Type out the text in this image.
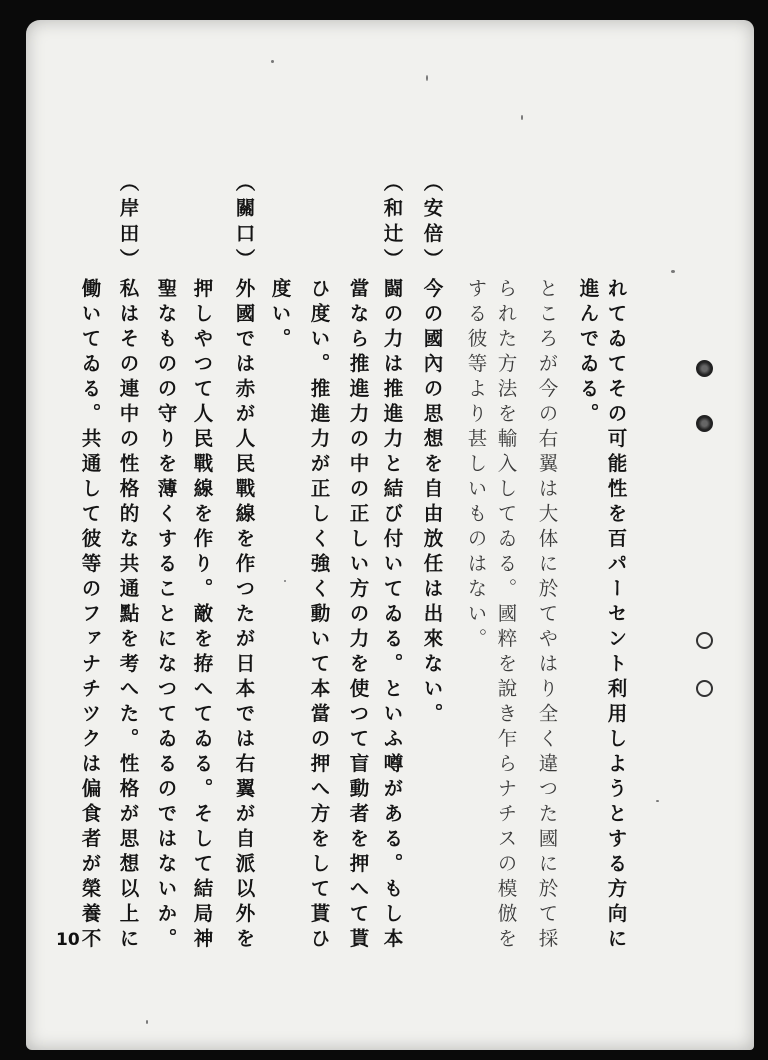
れてゐてその可能性を百パーセント利用しようとする方向に
進んでゐる。
ところが今の右翼は大体に於てやはり全く違つた國に於て採
られた方法を輸入してゐる。國粹を說き乍らナチスの模倣を
する彼等より甚しいものはない。
（安倍）
今の國內の思想を自由放任は出來ない。
（和辻）
闘の力は推進力と結び付いてゐる。といふ噂がある。もし本
當なら推進力の中の正しい方の力を使つて盲動者を押へて貰
ひ度い。推進力が正しく強く動いて本當の押へ方をして貰ひ
度い。
（關口）
外國では赤が人民戰線を作つたが日本では右翼が自派以外を
押しやつて人民戰線を作り。敵を拵へてゐる。そして結局神
聖なものの守りを薄くすることになつてゐるのではないか。
（岸田）
私はその連中の性格的な共通點を考へた。性格が思想以上に
働いてゐる。共通して彼等のファナチツクは偏食者が榮養不
10
